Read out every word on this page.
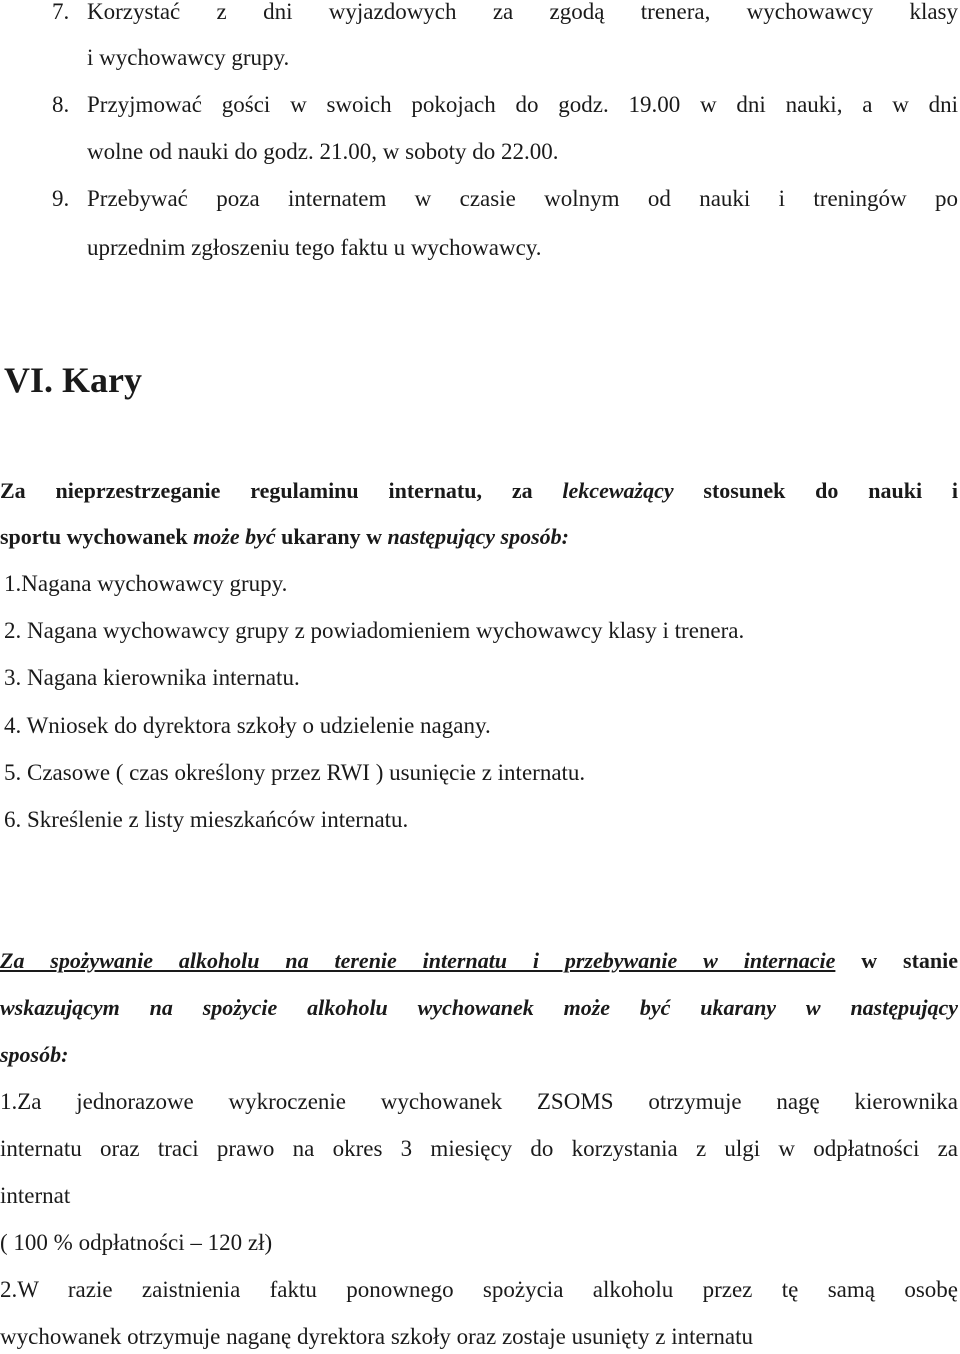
7. Korzystać z dni wyjazdowych za zgodą trenera, wychowawcy klasy
i wychowawcy grupy.
8. Przyjmować gości w swoich pokojach do godz. 19.00 w dni nauki, a w dni
wolne od nauki do godz. 21.00, w soboty do 22.00.
9. Przebywać poza internatem w czasie wolnym od nauki i treningów po
uprzednim zgłoszeniu tego faktu u wychowawcy.
VI. Kary
Za nieprzestrzeganie regulaminu internatu, za lekceważący stosunek do nauki i
sportu wychowanek może być ukarany w następujący sposób:
1.Nagana wychowawcy grupy.
2. Nagana wychowawcy grupy z powiadomieniem wychowawcy klasy i trenera.
3. Nagana kierownika internatu.
4. Wniosek do dyrektora szkoły o udzielenie nagany.
5. Czasowe ( czas określony przez RWI ) usunięcie z internatu.
6. Skreślenie z listy mieszkańców internatu.
Za spożywanie alkoholu na terenie internatu i przebywanie w internacie w stanie
wskazującym na spożycie alkoholu wychowanek może być ukarany w następujący
sposób:
1.Za jednorazowe wykroczenie wychowanek ZSOMS otrzymuje nagę kierownika
internatu oraz traci prawo na okres 3 miesięcy do korzystania z ulgi w odpłatności za
internat
( 100 % odpłatności – 120 zł)
2.W razie zaistnienia faktu ponownego spożycia alkoholu przez tę samą osobę
wychowanek otrzymuje naganę dyrektora szkoły oraz zostaje usunięty z internatu
